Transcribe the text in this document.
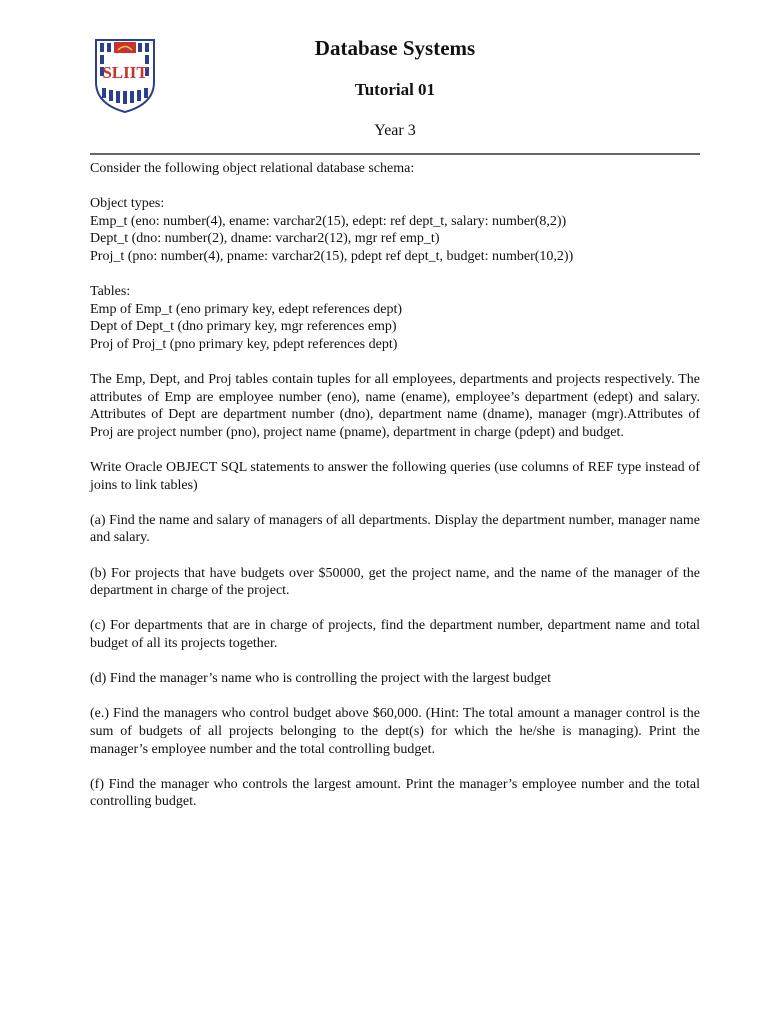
SLIIT
Database Systems
Tutorial 01
Year 3

Consider the following object relational database schema:

Object types:

Emp_t (eno: number(4), ename: varchar2(15), edept: ref dept_t, salary: number(8,2))

Dept_t (dno: number(2), dname: varchar2(12), mgr ref emp_t)

Proj_t (pno: number(4), pname: varchar2(15), pdept ref dept_t, budget: number(10,2))

Tables:

Emp of Emp_t (eno primary key, edept references dept)

Dept of Dept_t (dno primary key, mgr references emp)

Proj of Proj_t (pno primary key, pdept references dept)

The Emp, Dept, and Proj tables contain tuples for all employees, departments and projects respectively. The attributes of Emp are employee number (eno), name (ename), employee’s department (edept) and salary. Attributes of Dept are department number (dno), department name (dname), manager (mgr).Attributes of Proj are project number (pno), project name (pname), department in charge (pdept) and budget.

Write Oracle OBJECT SQL statements to answer the following queries (use columns of REF type instead of joins to link tables)

(a) Find the name and salary of managers of all departments. Display the department number, manager name and salary.

(b) For projects that have budgets over $50000, get the project name, and the name of the manager of the department in charge of the project.

(c) For departments that are in charge of projects, find the department number, department name and total budget of all its projects together.

(d) Find the manager’s name who is controlling the project with the largest budget

(e.) Find the managers who control budget above $60,000. (Hint: The total amount a manager control is the sum of budgets of all projects belonging to the dept(s) for which the he/she is managing). Print the manager’s employee number and the total controlling budget.

(f) Find the manager who controls the largest amount. Print the manager’s employee number and the total controlling budget.
